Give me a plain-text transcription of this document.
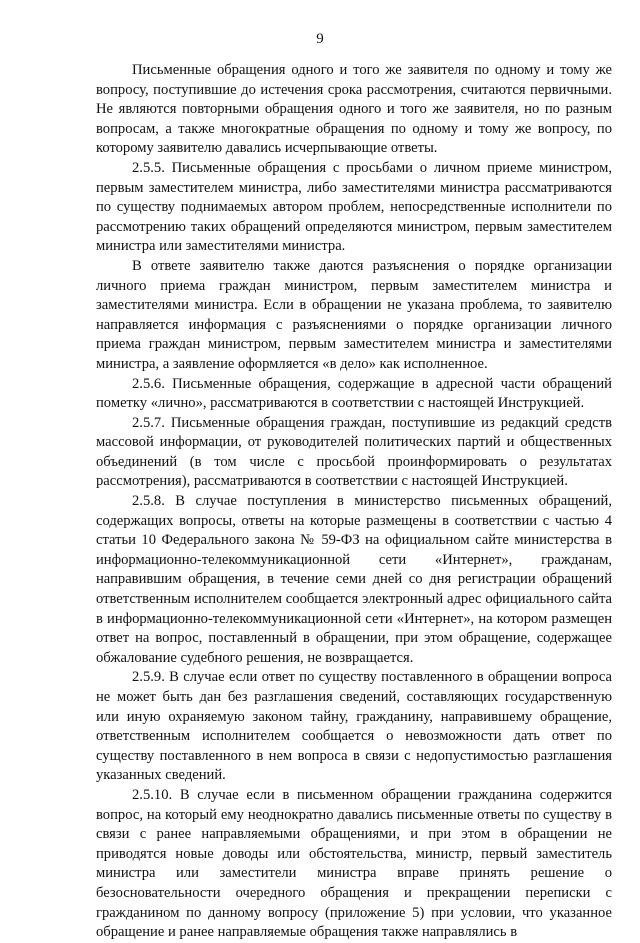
9

Письменные обращения одного и того же заявителя по одному и тому же вопросу, поступившие до истечения срока рассмотрения, считаются первичными. Не являются повторными обращения одного и того же заявителя, но по разным вопросам, а также многократные обращения по одному и тому же вопросу, по которому заявителю давались исчерпывающие ответы.

2.5.5. Письменные обращения с просьбами о личном приеме министром, первым заместителем министра, либо заместителями министра рассматриваются по существу поднимаемых автором проблем, непосредственные исполнители по рассмотрению таких обращений определяются министром, первым заместителем министра или заместителями министра.

В ответе заявителю также даются разъяснения о порядке организации личного приема граждан министром, первым заместителем министра и заместителями министра. Если в обращении не указана проблема, то заявителю направляется информация с разъяснениями о порядке организации личного приема граждан министром, первым заместителем министра и заместителями министра, а заявление оформляется «в дело» как исполненное.

2.5.6. Письменные обращения, содержащие в адресной части обращений пометку «лично», рассматриваются в соответствии с настоящей Инструкцией.

2.5.7. Письменные обращения граждан, поступившие из редакций средств массовой информации, от руководителей политических партий и общественных объединений (в том числе с просьбой проинформировать о результатах рассмотрения), рассматриваются в соответствии с настоящей Инструкцией.

2.5.8. В случае поступления в министерство письменных обращений, содержащих вопросы, ответы на которые размещены в соответствии с частью 4 статьи 10 Федерального закона № 59-ФЗ на официальном сайте министерства в информационно-телекоммуникационной сети «Интернет», гражданам, направившим обращения, в течение семи дней со дня регистрации обращений ответственным исполнителем сообщается электронный адрес официального сайта в информационно-телекоммуникационной сети «Интернет», на котором размещен ответ на вопрос, поставленный в обращении, при этом обращение, содержащее обжалование судебного решения, не возвращается.

2.5.9. В случае если ответ по существу поставленного в обращении вопроса не может быть дан без разглашения сведений, составляющих государственную или иную охраняемую законом тайну, гражданину, направившему обращение, ответственным исполнителем сообщается о невозможности дать ответ по существу поставленного в нем вопроса в связи с недопустимостью разглашения указанных сведений.

2.5.10. В случае если в письменном обращении гражданина содержится вопрос, на который ему неоднократно давались письменные ответы по существу в связи с ранее направляемыми обращениями, и при этом в обращении не приводятся новые доводы или обстоятельства, министр, первый заместитель министра или заместители министра вправе принять решение о безосновательности очередного обращения и прекращении переписки с гражданином по данному вопросу (приложение 5) при условии, что указанное обращение и ранее направляемые обращения также направлялись в
